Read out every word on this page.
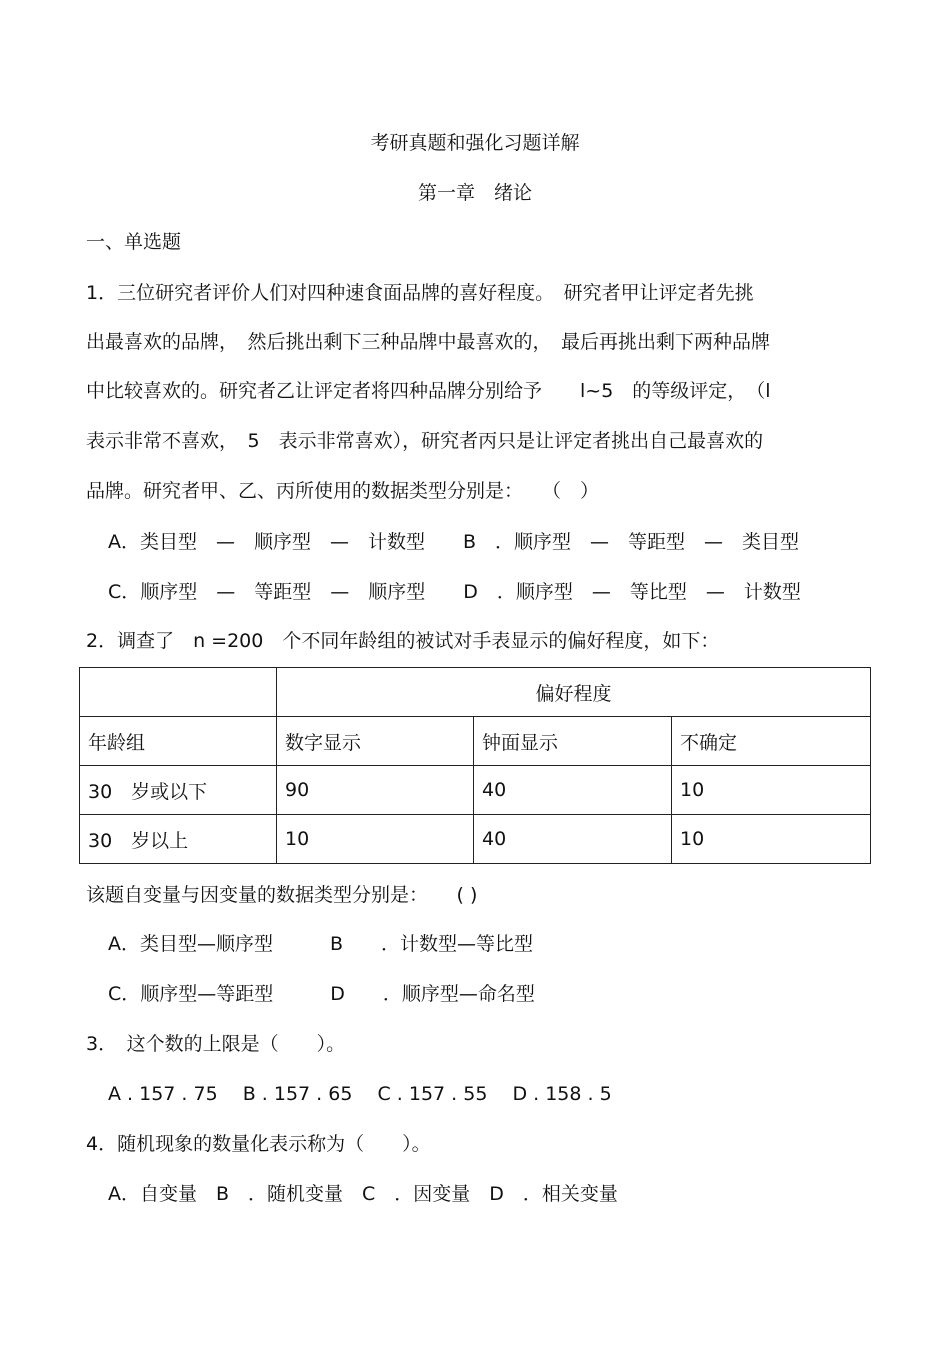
考研真题和强化习题详解
第一章　绪论
一、单选题
1．三位研究者评价人们对四种速食面品牌的喜好程度。　研究者甲让评定者先挑
出最喜欢的品牌，　然后挑出剩下三种品牌中最喜欢的，　最后再挑出剩下两种品牌
中比较喜欢的。研究者乙让评定者将四种品牌分别给予　　l~5　的等级评定，　（l
表示非常不喜欢，　5　表示非常喜欢），研究者丙只是让评定者挑出自己最喜欢的
品牌。研究者甲、乙、丙所使用的数据类型分别是：　　（　）
A．类目型　—　顺序型　—　计数型　　B　．顺序型　—　等距型　—　类目型
C．顺序型　—　等距型　—　顺序型　　D　．顺序型　—　等比型　—　计数型
2．调查了　n =200　个不同年龄组的被试对手表显示的偏好程度，如下：
	偏好程度		
年龄组	数字显示	钟面显示	不确定
30　岁或以下	90	40	10
30　岁以上	10	40	10
该题自变量与因变量的数据类型分别是：　　( )
A．类目型—顺序型　　　B　　．计数型—等比型
C．顺序型—等距型　　　D　　．顺序型—命名型
3．　这个数的上限是（　　）。
A . 157 . 75　 B . 157 . 65　 C . 157 . 55　 D . 158 . 5
4．随机现象的数量化表示称为（　　）。
A．自变量　B　．随机变量　C　．因变量　D　．相关变量
